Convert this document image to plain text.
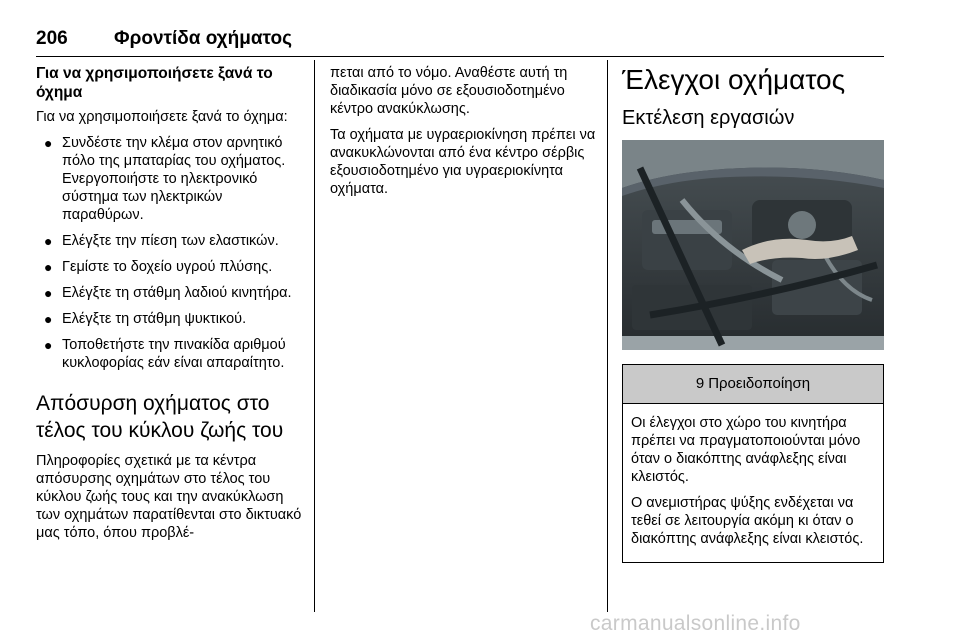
206 Φροντίδα οχήματος
Για να χρησιμοποιήσετε ξανά το όχημα
Για να χρησιμοποιήσετε ξανά το όχημα:
● Συνδέστε την κλέμα στον αρνητικό πόλο της μπαταρίας του οχήματος. Ενεργοποιήστε το ηλεκτρονικό σύστημα των ηλεκτρικών παραθύρων.
● Ελέγξτε την πίεση των ελαστικών.
● Γεμίστε το δοχείο υγρού πλύσης.
● Ελέγξτε τη στάθμη λαδιού κινητήρα.
● Ελέγξτε τη στάθμη ψυκτικού.
● Τοποθετήστε την πινακίδα αριθμού κυκλοφορίας εάν είναι απαραίτητο.
Απόσυρση οχήματος στο τέλος του κύκλου ζωής του
Πληροφορίες σχετικά με τα κέντρα απόσυρσης οχημάτων στο τέλος του κύκλου ζωής τους και την ανακύκλωση των οχημάτων παρατίθενται στο δικτυακό μας τόπο, όπου προβλέ-
πεται από το νόμο. Αναθέστε αυτή τη διαδικασία μόνο σε εξουσιοδοτημένο κέντρο ανακύκλωσης.
Τα οχήματα με υγραεριοκίνηση πρέπει να ανακυκλώνονται από ένα κέντρο σέρβις εξουσιοδοτημένο για υγραεριοκίνητα οχήματα.
Έλεγχοι οχήματος
Εκτέλεση εργασιών
9 Προειδοποίηση
Οι έλεγχοι στο χώρο του κινητήρα πρέπει να πραγματοποιούνται μόνο όταν ο διακόπτης ανάφλεξης είναι κλειστός.
Ο ανεμιστήρας ψύξης ενδέχεται να τεθεί σε λειτουργία ακόμη κι όταν ο διακόπτης ανάφλεξης είναι κλειστός.
carmanualsonline.info
